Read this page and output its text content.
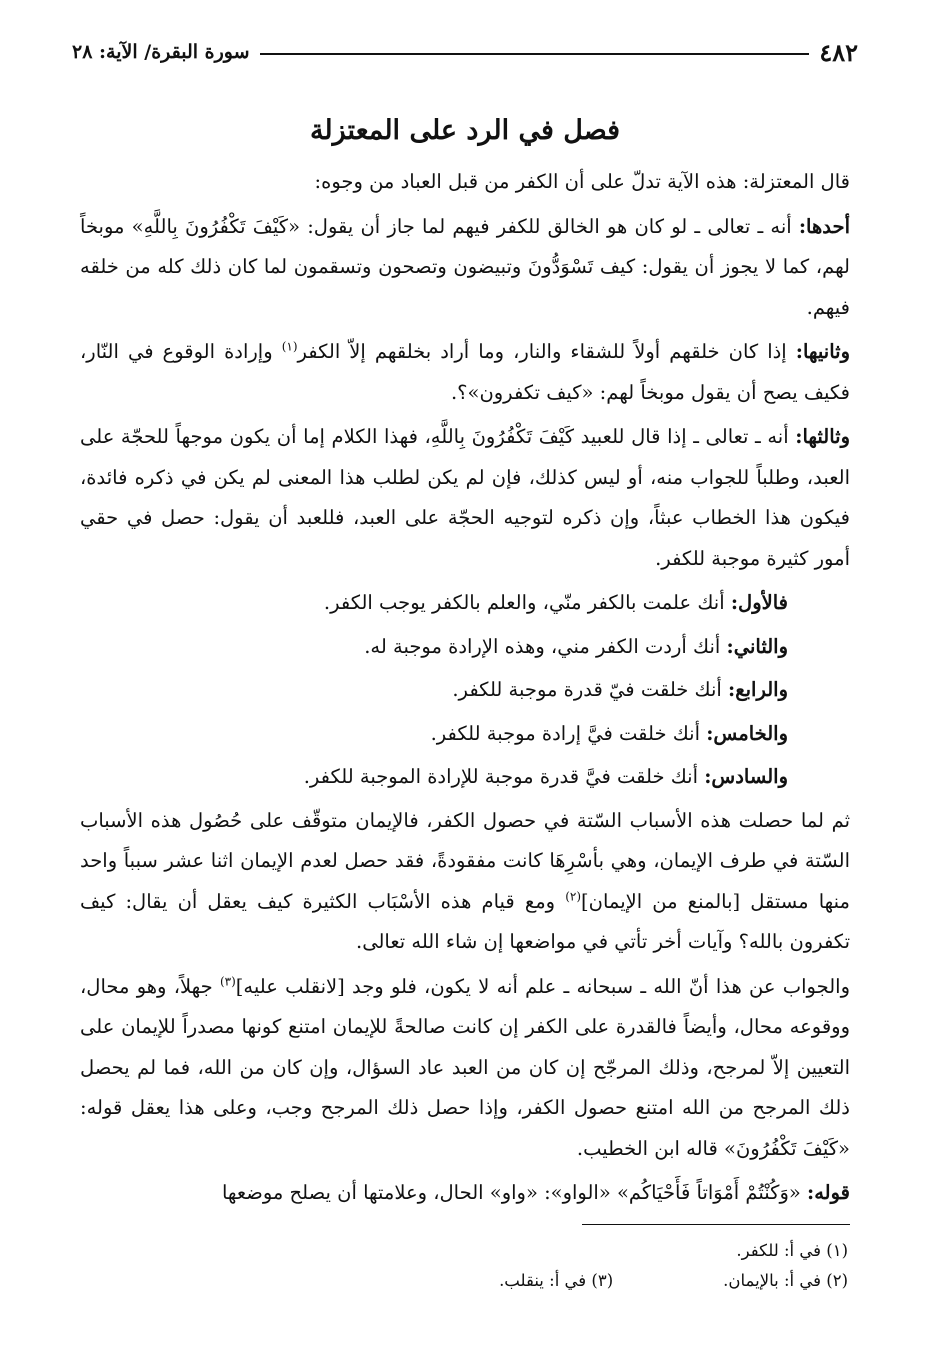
٤٨٢
سورة البقرة/ الآية: ٢٨
فصل في الرد على المعتزلة

قال المعتزلة: هذه الآية تدلّ على أن الكفر من قبل العباد من وجوه:

أحدها: أنه ـ تعالى ـ لو كان هو الخالق للكفر فيهم لما جاز أن يقول: «كَيْفَ تَكْفُرُونَ بِاللَّهِ» موبخاً لهم، كما لا يجوز أن يقول: كيف تَسْوَدُّونَ وتبيضون وتصحون وتسقمون لما كان ذلك كله من خلقه فيهم.

وثانيها: إذا كان خلقهم أولاً للشقاء والنار، وما أراد بخلقهم إلاّ الكفر$^{(١)}$ وإرادة الوقوع في النّار، فكيف يصح أن يقول موبخاً لهم: «كيف تكفرون»؟.

وثالثها: أنه ـ تعالى ـ إذا قال للعبيد كَيْفَ تَكْفُرُونَ بِاللَّهِ، فهذا الكلام إما أن يكون موجهاً للحجّة على العبد، وطلباً للجواب منه، أو ليس كذلك، فإن لم يكن لطلب هذا المعنى لم يكن في ذكره فائدة، فيكون هذا الخطاب عبثاً، وإن ذكره لتوجيه الحجّة على العبد، فللعبد أن يقول: حصل في حقي أمور كثيرة موجبة للكفر.

فالأول: أنك علمت بالكفر منّي، والعلم بالكفر يوجب الكفر.

والثاني: أنك أردت الكفر مني، وهذه الإرادة موجبة له.

والرابع: أنك خلقت فيّ قدرة موجبة للكفر.

والخامس: أنك خلقت فيَّ إرادة موجبة للكفر.

والسادس: أنك خلقت فيَّ قدرة موجبة للإرادة الموجبة للكفر.

ثم لما حصلت هذه الأسباب السّتة في حصول الكفر، فالإيمان متوقّف على حُصُول هذه الأسباب السّتة في طرف الإيمان، وهي بأسْرِهَا كانت مفقودةً، فقد حصل لعدم الإيمان اثنا عشر سبباً واحد منها مستقل [بالمنع من الإيمان]$^{(٢)}$ ومع قيام هذه الأسْبَاب الكثيرة كيف يعقل أن يقال: كيف تكفرون بالله؟ وآيات أخر تأتي في مواضعها إن شاء الله تعالى.

والجواب عن هذا أنّ الله ـ سبحانه ـ علم أنه لا يكون، فلو وجد [لانقلب عليه]$^{(٣)}$ جهلاً، وهو محال، ووقوعه محال، وأيضاً فالقدرة على الكفر إن كانت صالحةً للإيمان امتنع كونها مصدراً للإيمان على التعيين إلاّ لمرجح، وذلك المرجّح إن كان من العبد عاد السؤال، وإن كان من الله، فما لم يحصل ذلك المرجح من الله امتنع حصول الكفر، وإذا حصل ذلك المرجح وجب، وعلى هذا يعقل قوله: «كَيْفَ تَكْفُرُونَ» قاله ابن الخطيب.

قوله: «وَكُنْتُمْ أَمْوَاتاً فَأَحْيَاكُم» «الواو»: «واو» الحال، وعلامتها أن يصلح موضعها

(١) في أ: للكفر.
(٢) في أ: بالإيمان.
(٣) في أ: ينقلب.
